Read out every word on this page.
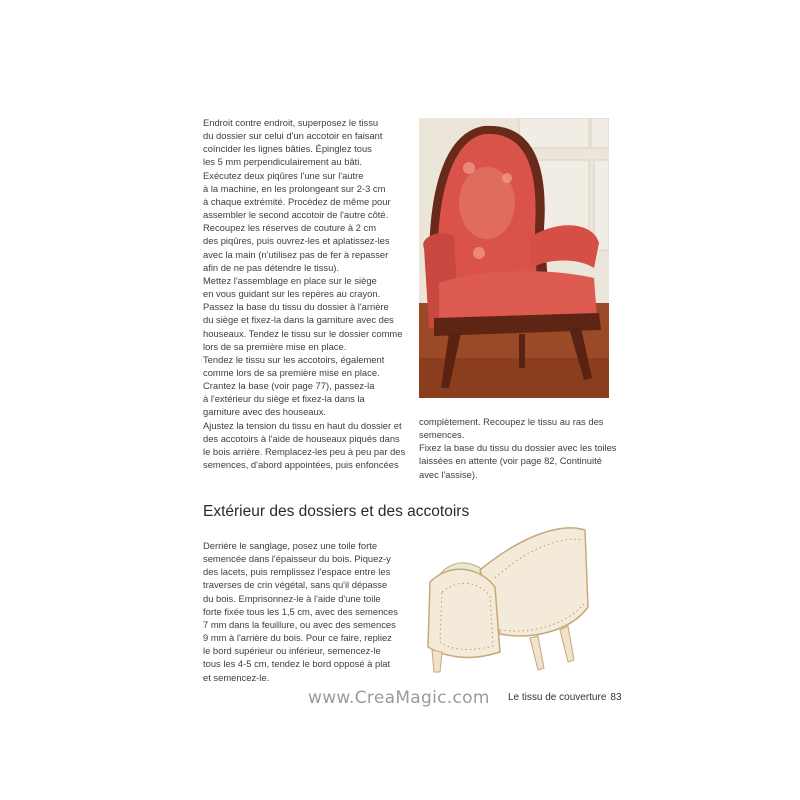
Endroit contre endroit, superposez le tissu
du dossier sur celui d'un accotoir en faisant
coïncider les lignes bâties. Épinglez tous
les 5 mm perpendiculairement au bâti.
Exécutez deux piqûres l'une sur l'autre
à la machine, en les prolongeant sur 2-3 cm
à chaque extrémité. Procédez de même pour
assembler le second accotoir de l'autre côté.
Recoupez les réserves de couture à 2 cm
des piqûres, puis ouvrez-les et aplatissez-les
avec la main (n'utilisez pas de fer à repasser
afin de ne pas détendre le tissu).
Mettez l'assemblage en place sur le siège
en vous guidant sur les repères au crayon.
Passez la base du tissu du dossier à l'arrière
du siège et fixez-la dans la garniture avec des
houseaux. Tendez le tissu sur le dossier comme
lors de sa première mise en place.
Tendez le tissu sur les accotoirs, également
comme lors de sa première mise en place.
Crantez la base (voir page 77), passez-la
à l'extérieur du siège et fixez-la dans la
garniture avec des houseaux.
Ajustez la tension du tissu en haut du dossier et
des accotoirs à l'aide de houseaux piqués dans
le bois arrière. Remplacez-les peu à peu par des
semences, d'abord appointées, puis enfoncées
complètement. Recoupez le tissu au ras des
semences.
Fixez la base du tissu du dossier avec les toiles
laissées en attente (voir page 82, Continuité
avec l'assise).
Extérieur des dossiers et des accotoirs
Derrière le sanglage, posez une toile forte
semencée dans l'épaisseur du bois. Piquez-y
des lacets, puis remplissez l'espace entre les
traverses de crin végétal, sans qu'il dépasse
du bois. Emprisonnez-le à l'aide d'une toile
forte fixée tous les 1,5 cm, avec des semences
7 mm dans la feuillure, ou avec des semences
9 mm à l'arrière du bois. Pour ce faire, repliez
le bord supérieur ou inférieur, semencez-le
tous les 4-5 cm, tendez le bord opposé à plat
et semencez-le.
www.CreaMagic.com Le tissu de couverture 83
